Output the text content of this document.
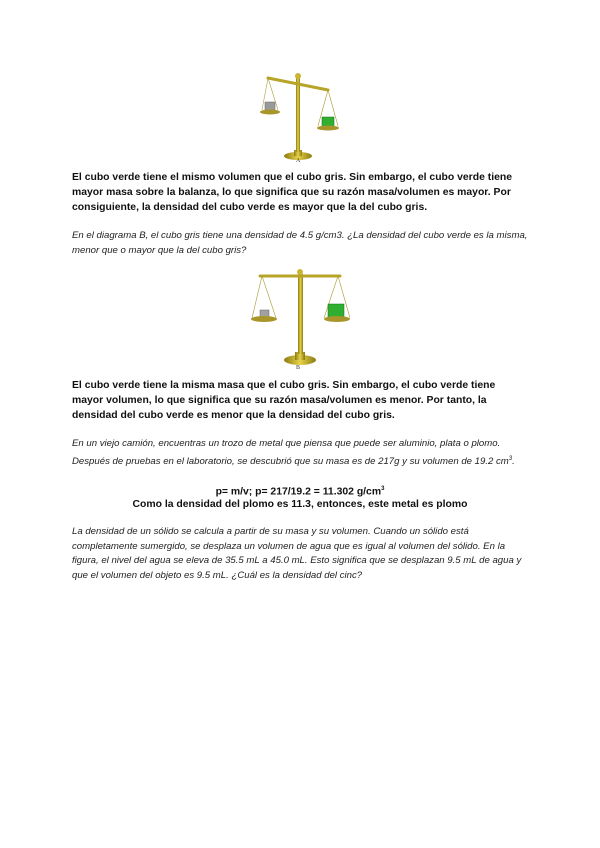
A

El cubo verde tiene el mismo volumen que el cubo gris. Sin embargo, el cubo verde tiene mayor masa sobre la balanza, lo que significa que su razón masa/volumen es mayor. Por consiguiente, la densidad del cubo verde es mayor que la del cubo gris.

En el diagrama B, el cubo gris tiene una densidad de 4.5 g/cm3. ¿La densidad del cubo verde es la misma, menor que o mayor que la del cubo gris?

B

El cubo verde tiene la misma masa que el cubo gris. Sin embargo, el cubo verde tiene mayor volumen, lo que significa que su razón masa/volumen es menor. Por tanto, la densidad del cubo verde es menor que la densidad del cubo gris.

En un viejo camión, encuentras un trozo de metal que piensa que puede ser aluminio, plata o plomo. Después de pruebas en el laboratorio, se descubrió que su masa es de 217g y su volumen de 19.2 $cm^3$.

p= m/v; p= 217/19.2 = 11.302 $g/cm^3$

Como la densidad del plomo es 11.3, entonces, este metal es plomo

La densidad de un sólido se calcula a partir de su masa y su volumen. Cuando un sólido está completamente sumergido, se desplaza un volumen de agua que es igual al volumen del sólido. En la figura, el nivel del agua se eleva de 35.5 mL a 45.0 mL. Esto significa que se desplazan 9.5 mL de agua y que el volumen del objeto es 9.5 mL. ¿Cuál es la densidad del cinc?
